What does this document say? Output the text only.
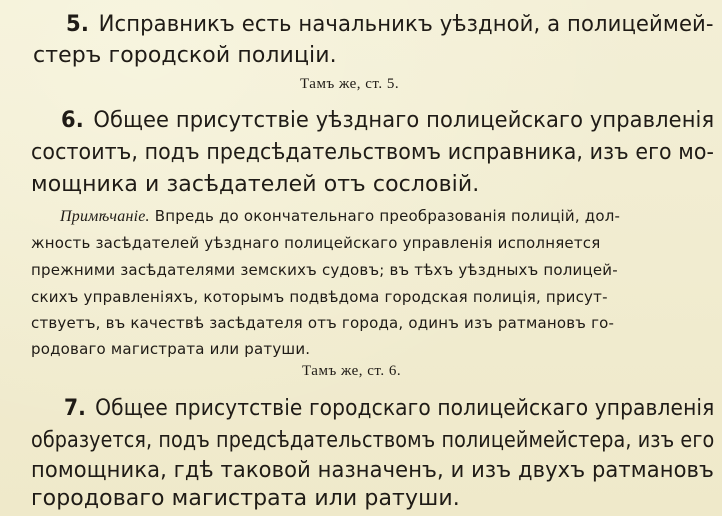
5. Исправникъ есть начальникъ уѣздной, а полицеймей-
стеръ городской полиціи.
Тамъ же, ст. 5.
6. Общее присутствіе уѣзднаго полицейскаго управленія
состоитъ, подъ предсѣдательствомъ исправника, изъ его мо-
мощника и засѣдателей отъ сословій.
Примѣчаніе. Впредь до окончательнаго преобразованія полицій, дол-
жность засѣдателей уѣзднаго полицейскаго управленія исполняется
прежними засѣдателями земскихъ судовъ; въ тѣхъ уѣздныхъ полицей-
скихъ управленіяхъ, которымъ подвѣдома городская полиція, присут-
ствуетъ, въ качествѣ засѣдателя отъ города, одинъ изъ ратмановъ го-
родоваго магистрата или ратуши.
Тамъ же, ст. 6.
7. Общее присутствіе городскаго полицейскаго управленія
образуется, подъ предсѣдательствомъ полицеймейстера, изъ его
помощника, гдѣ таковой назначенъ, и изъ двухъ ратмановъ
городоваго магистрата или ратуши.
